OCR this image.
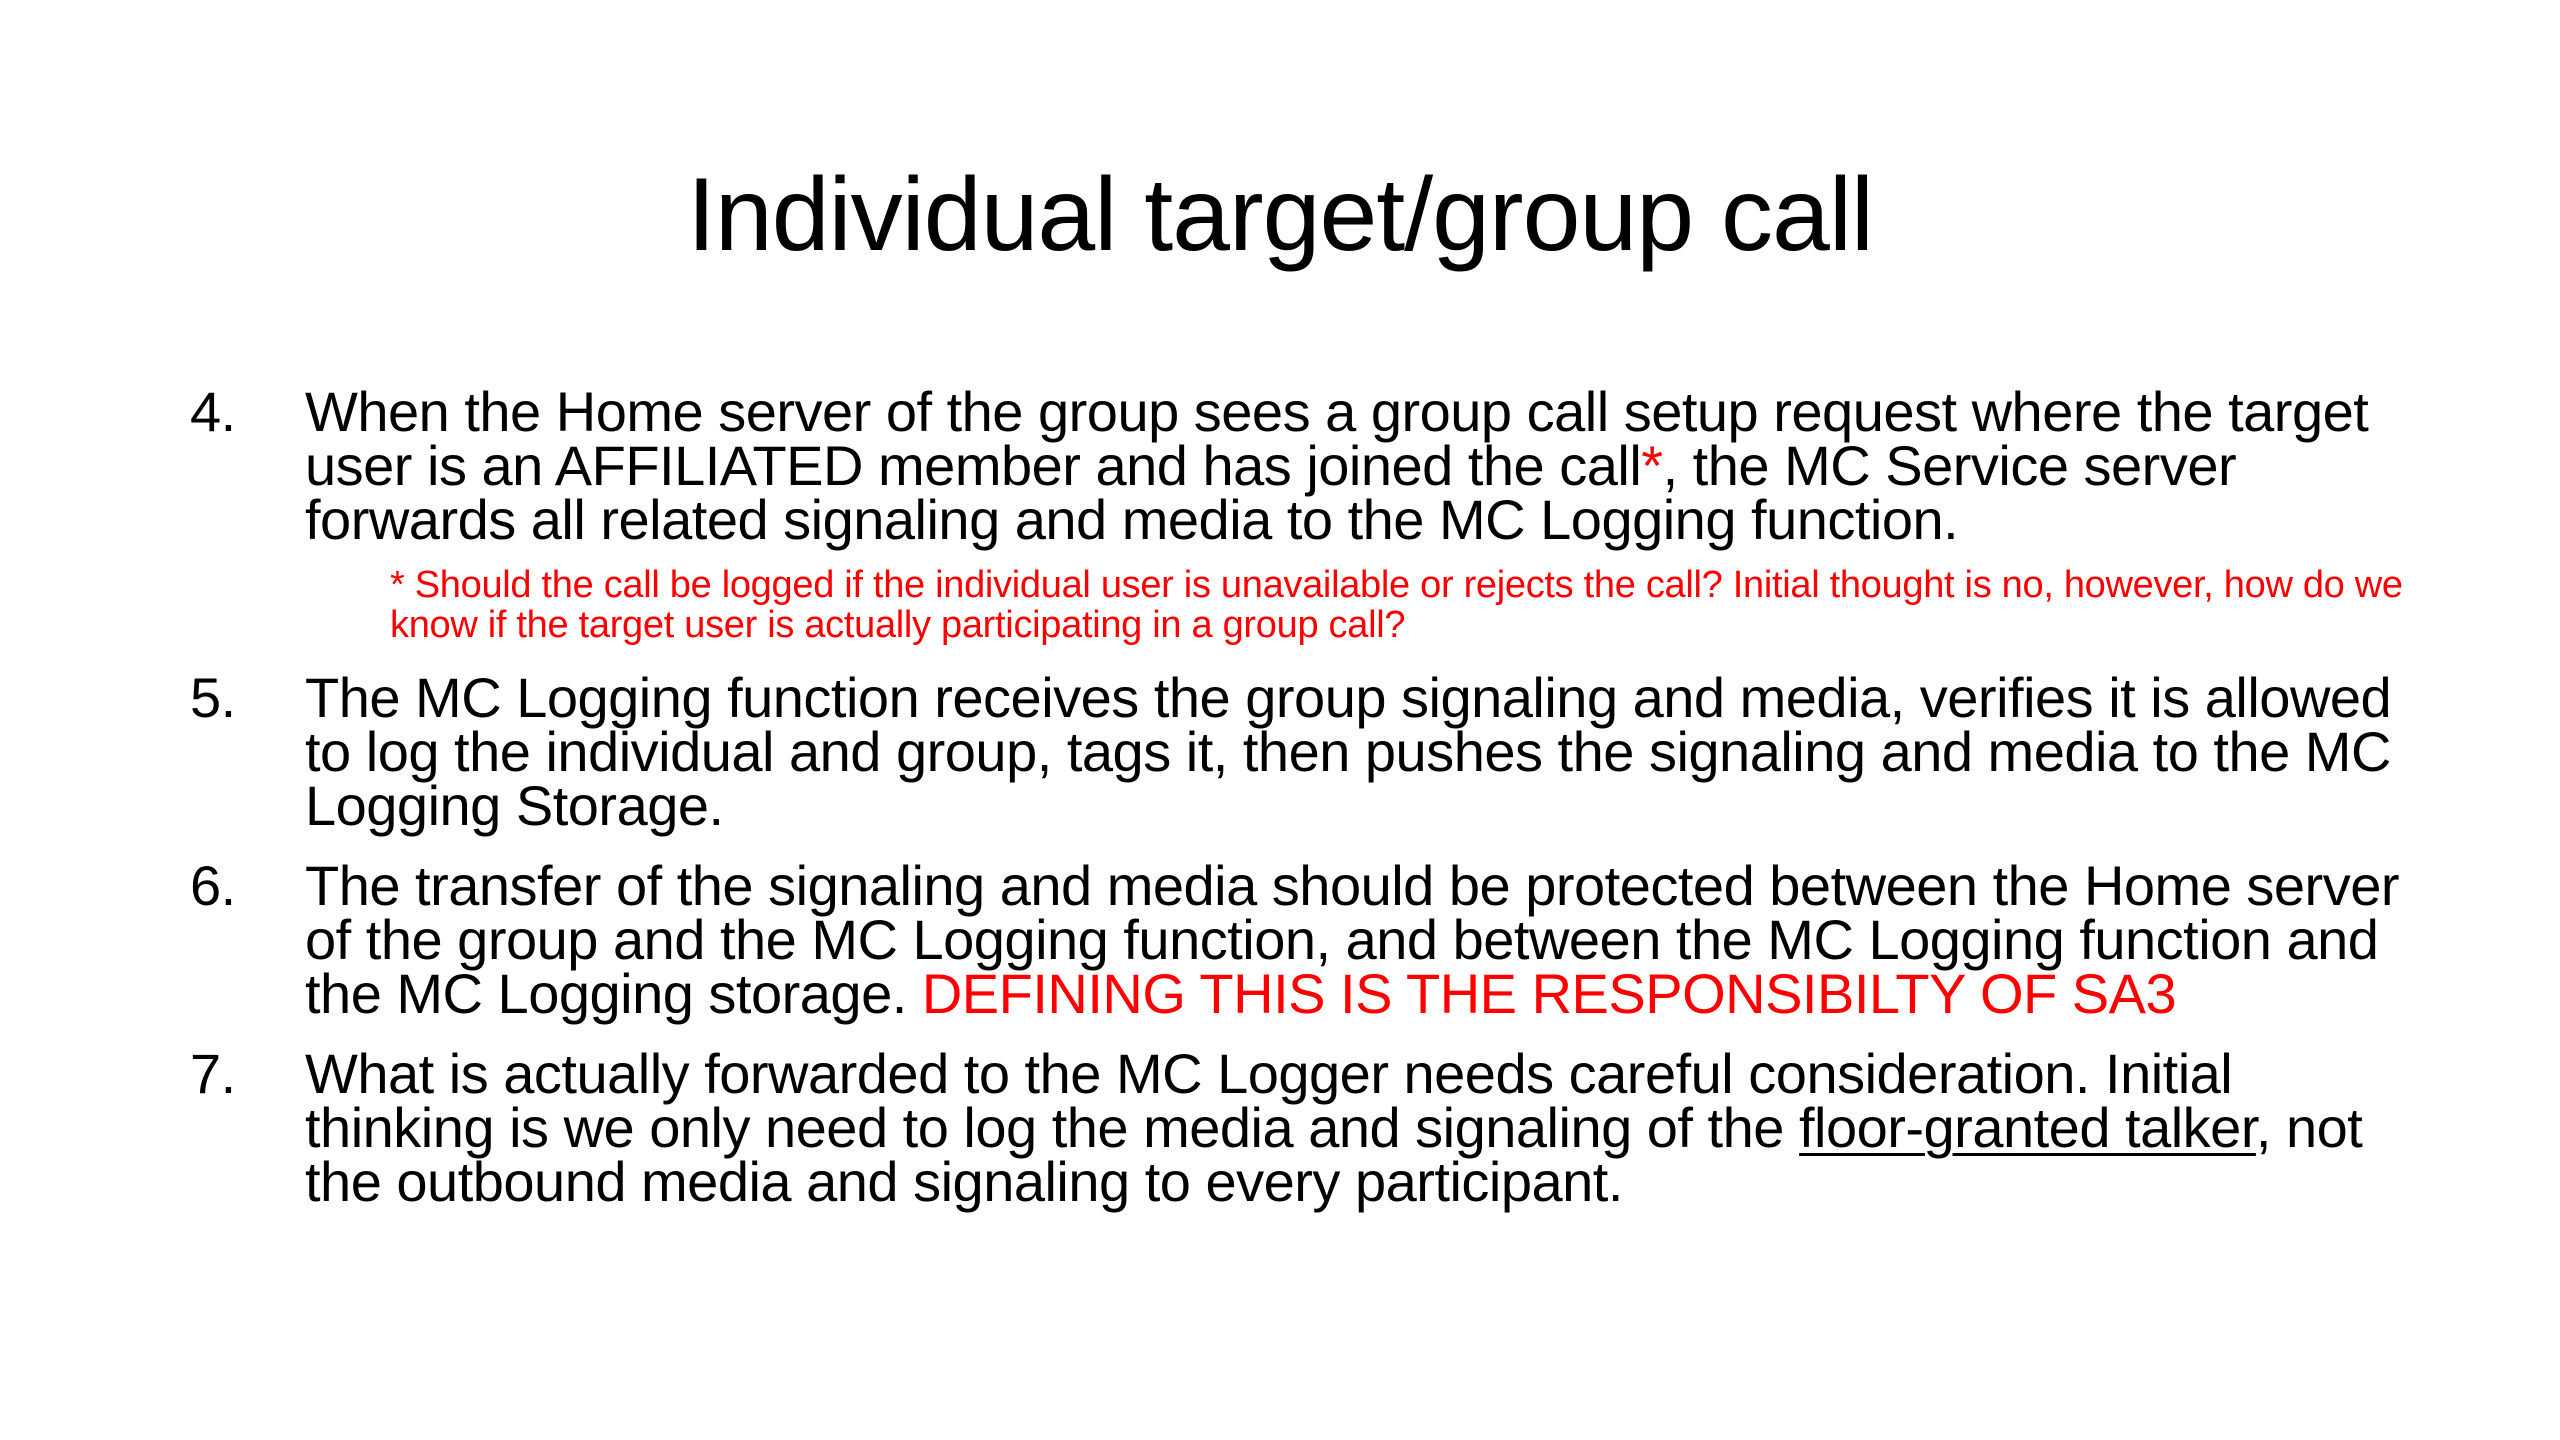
Individual target/group call
4. When the Home server of the group sees a group call setup request where the target user is an AFFILIATED member and has joined the call*, the MC Service server forwards all related signaling and media to the MC Logging function.
* Should the call be logged if the individual user is unavailable or rejects the call? Initial thought is no, however, how do we know if the target user is actually participating in a group call?
5. The MC Logging function receives the group signaling and media, verifies it is allowed to log the individual and group, tags it, then pushes the signaling and media to the MC Logging Storage.
6. The transfer of the signaling and media should be protected between the Home server of the group and the MC Logging function, and between the MC Logging function and the MC Logging storage. DEFINING THIS IS THE RESPONSIBILTY OF SA3
7. What is actually forwarded to the MC Logger needs careful consideration. Initial thinking is we only need to log the media and signaling of the floor-granted talker, not the outbound media and signaling to every participant.
